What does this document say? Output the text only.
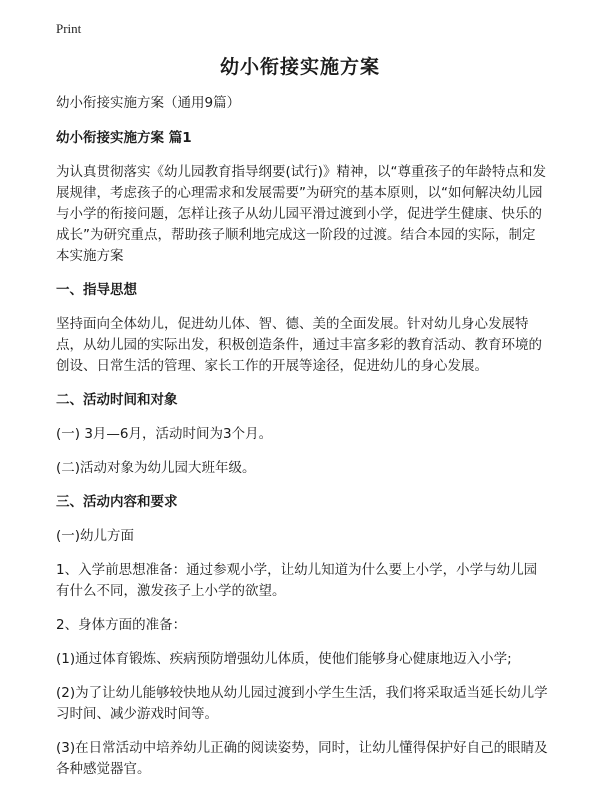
Print
幼小衔接实施方案

幼小衔接实施方案（通用9篇）

幼小衔接实施方案 篇1

为认真贯彻落实《幼儿园教育指导纲要(试行)》精神，以“尊重孩子的年龄特点和发展规律，考虑孩子的心理需求和发展需要”为研究的基本原则，以“如何解决幼儿园与小学的衔接问题，怎样让孩子从幼儿园平滑过渡到小学，促进学生健康、快乐的成长”为研究重点，帮助孩子顺利地完成这一阶段的过渡。结合本园的实际，制定本实施方案

一、指导思想

坚持面向全体幼儿，促进幼儿体、智、德、美的全面发展。针对幼儿身心发展特点，从幼儿园的实际出发，积极创造条件，通过丰富多彩的教育活动、教育环境的创设、日常生活的管理、家长工作的开展等途径，促进幼儿的身心发展。

二、活动时间和对象

(一) 3月—6月，活动时间为3个月。

(二)活动对象为幼儿园大班年级。

三、活动内容和要求

(一)幼儿方面

1、入学前思想准备：通过参观小学，让幼儿知道为什么要上小学，小学与幼儿园有什么不同，激发孩子上小学的欲望。

2、身体方面的准备：

(1)通过体育锻炼、疾病预防增强幼儿体质，使他们能够身心健康地迈入小学;

(2)为了让幼儿能够较快地从幼儿园过渡到小学生生活，我们将采取适当延长幼儿学习时间、减少游戏时间等。

(3)在日常活动中培养幼儿正确的阅读姿势，同时，让幼儿懂得保护好自己的眼睛及各种感觉器官。
